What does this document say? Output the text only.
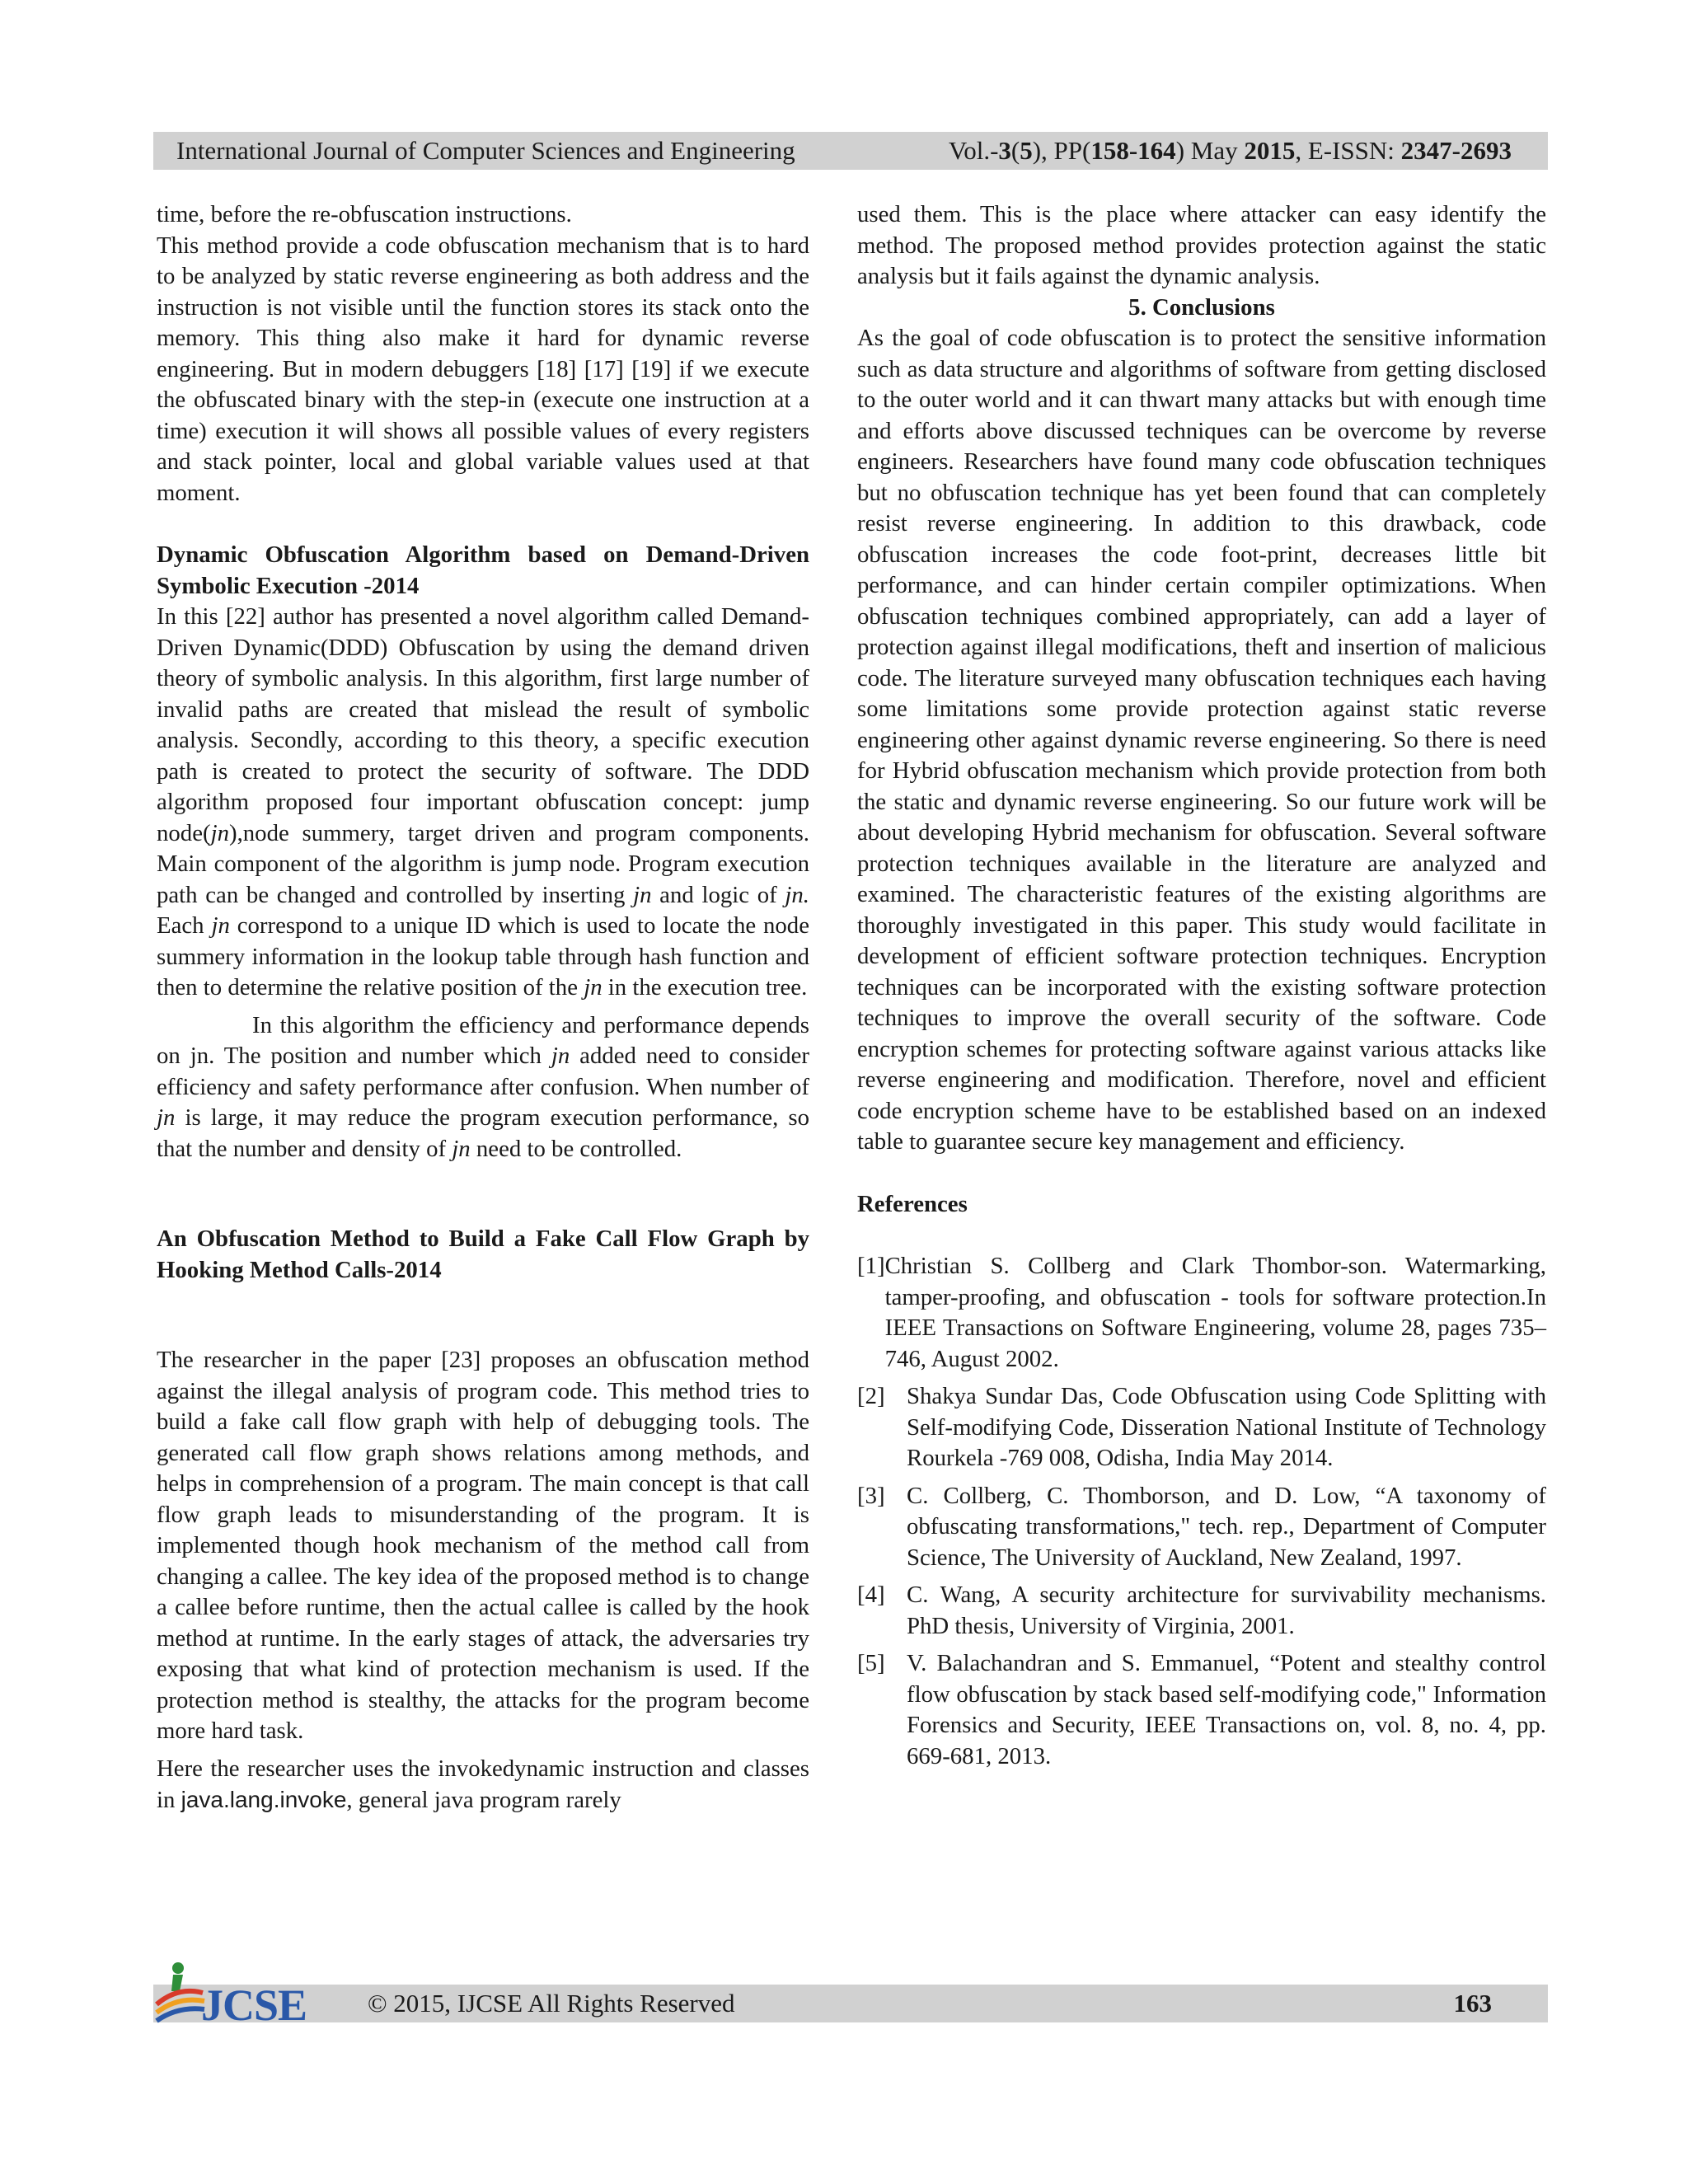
International Journal of Computer Sciences and Engineering	Vol.-3(5), PP(158-164) May 2015, E-ISSN: 2347-2693

time, before the re-obfuscation instructions.

This method provide a code obfuscation mechanism that is to hard to be analyzed by static reverse engineering as both address and the instruction is not visible until the function stores its stack onto the memory. This thing also make it hard for dynamic reverse engineering. But in modern debuggers [18] [17] [19] if we execute the obfuscated binary with the step-in (execute one instruction at a time) execution it will shows all possible values of every registers and stack pointer, local and global variable values used at that moment.

Dynamic Obfuscation Algorithm based on Demand-Driven Symbolic Execution -2014

In this [22] author has presented a novel algorithm called Demand-Driven Dynamic(DDD) Obfuscation by using the demand driven theory of symbolic analysis. In this algorithm, first large number of invalid paths are created that mislead the result of symbolic analysis. Secondly, according to this theory, a specific execution path is created to protect the security of software. The DDD algorithm proposed four important obfuscation concept: jump node(jn),node summery, target driven and program components. Main component of the algorithm is jump node. Program execution path can be changed and controlled by inserting jn and logic of jn. Each jn correspond to a unique ID which is used to locate the node summery information in the lookup table through hash function and then to determine the relative position of the jn in the execution tree.

In this algorithm the efficiency and performance depends on jn. The position and number which jn added need to consider efficiency and safety performance after confusion. When number of jn is large, it may reduce the program execution performance, so that the number and density of jn need to be controlled.

An Obfuscation Method to Build a Fake Call Flow Graph by Hooking Method Calls-2014

The researcher in the paper [23] proposes an obfuscation method against the illegal analysis of program code. This method tries to build a fake call flow graph with help of debugging tools. The generated call flow graph shows relations among methods, and helps in comprehension of a program. The main concept is that call flow graph leads to misunderstanding of the program. It is implemented though hook mechanism of the method call from changing a callee. The key idea of the proposed method is to change a callee before runtime, then the actual callee is called by the hook method at runtime. In the early stages of attack, the adversaries try exposing that what kind of protection mechanism is used. If the protection method is stealthy, the attacks for the program become more hard task.

Here the researcher uses the invokedynamic instruction and classes in java.lang.invoke, general java program rarely

used them. This is the place where attacker can easy identify the method. The proposed method provides protection against the static analysis but it fails against the dynamic analysis.

5. Conclusions

As the goal of code obfuscation is to protect the sensitive information such as data structure and algorithms of software from getting disclosed to the outer world and it can thwart many attacks but with enough time and efforts above discussed techniques can be overcome by reverse engineers. Researchers have found many code obfuscation techniques but no obfuscation technique has yet been found that can completely resist reverse engineering. In addition to this drawback, code obfuscation increases the code foot-print, decreases little bit performance, and can hinder certain compiler optimizations. When obfuscation techniques combined appropriately, can add a layer of protection against illegal modifications, theft and insertion of malicious code. The literature surveyed many obfuscation techniques each having some limitations some provide protection against static reverse engineering other against dynamic reverse engineering. So there is need for Hybrid obfuscation mechanism which provide protection from both the static and dynamic reverse engineering. So our future work will be about developing Hybrid mechanism for obfuscation. Several software protection techniques available in the literature are analyzed and examined. The characteristic features of the existing algorithms are thoroughly investigated in this paper. This study would facilitate in development of efficient software protection techniques. Encryption techniques can be incorporated with the existing software protection techniques to improve the overall security of the software. Code encryption schemes for protecting software against various attacks like reverse engineering and modification. Therefore, novel and efficient code encryption scheme have to be established based on an indexed table to guarantee secure key management and efficiency.

References

[1] Christian S. Collberg and Clark Thombor-son. Watermarking, tamper-proofing, and obfuscation - tools for software protection.In IEEE Transactions on Software Engineering, volume 28, pages 735–746, August 2002.
[2] Shakya Sundar Das, Code Obfuscation using Code Splitting with Self-modifying Code, Disseration National Institute of Technology Rourkela -769 008, Odisha, India May 2014.
[3] C. Collberg, C. Thomborson, and D. Low, “A taxonomy of obfuscating transformations," tech. rep., Department of Computer Science, The University of Auckland, New Zealand, 1997.
[4] C. Wang, A security architecture for survivability mechanisms. PhD thesis, University of Virginia, 2001.
[5] V. Balachandran and S. Emmanuel, “Potent and stealthy control flow obfuscation by stack based self-modifying code," Information Forensics and Security, IEEE Transactions on, vol. 8, no. 4, pp. 669-681, 2013.
© 2015, IJCSE All Rights Reserved	163
JCSE
